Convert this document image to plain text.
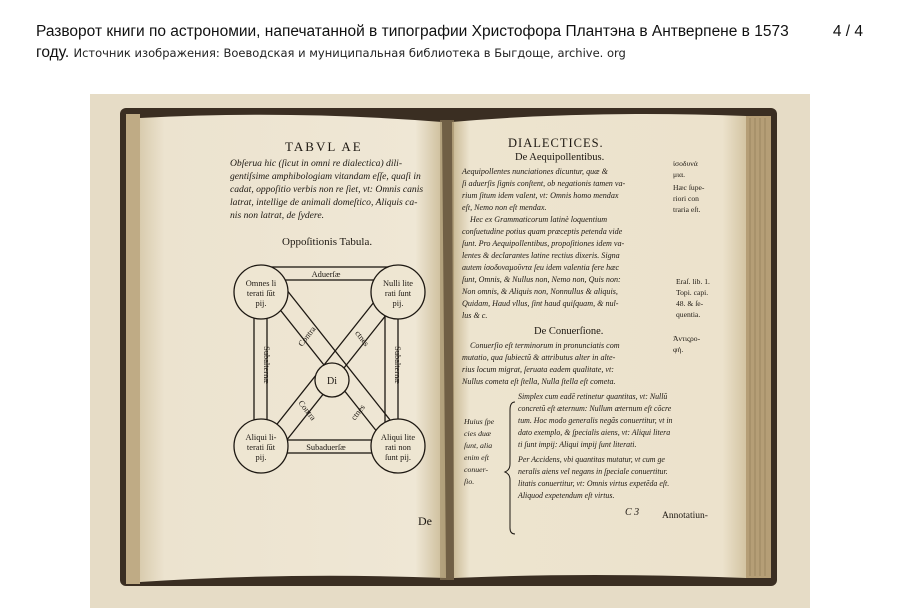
Разворот книги по астрономии, напечатанной в типографии Христофора Плантэна в Антверпене в 1573 году. Источник изображения: Воеводская и муниципальная библиотека в Быгдоще, archive. org
4 / 4
TABVL AE
Obſerua hic (ſicut in omni re dialectica) dili-
gentiſsime amphibologiam vitandam eſſe, quaſi in
cadat, oppoſitio verbis non re ſiet, vt: Omnis canis
latrat, intellige de animali domeſtico, Aliquis ca-
nis non latrat, de ſydere.
Oppoſitionis Tabula.
Omnes li
terati ſūt
pij.
Nulli lite
rati ſunt
pij.
Aliqui li-
terati ſūt
pij.
Aliqui lite
rati non
ſunt pij.
Di
Aduerſæ
Subaduerſæ
Subalternæ	Subalternæ
Contra	ctnes
Contra	ctnes
De
DIALECTICES.
De Aequipollentibus.
Aequipollentes nunciationes dicuntur, quæ &
ſi aduerſis ſignis conſtent, ob negationis tamen va-
rium ſitum idem valent, vt: Omnis homo mendax
eſt, Nemo non eſt mendax.
Hec ex Grammaticorum latinè loquentium
conſuetudine potius quam præceptis petenda vide
ſunt. Pro Aequipollentibus, propoſitiones idem va-
lentes & declarantes latine rectius dixeris. Signa
autem ἰσοδυναμοῦντα ſeu idem valentia fere hæc
ſunt, Omnis, & Nullus non, Nemo non, Quis non:
Non omnis, & Aliquis non, Nonnullus & aliquis,
Quidam, Haud vllus, ſint haud quiſquam, & nul-
lus & c.
ἰσοδυνά
μια.
Hæc ſupe-
riori con
traria eſt.
Eraſ. lib. 1.
Topi. capi.
48. & ſe-
quentia.
Ἀντιςρο-
φή.
De Conuerſione.
Conuerſio eſt terminorum in pronunciatis com
mutatio, qua ſubiectũ & attributus alter in alte-
rius locum migrat, ſeruata eadem qualitate, vt:
Nullus cometa eſt ſtella, Nulla ſtella eſt cometa.
Huius ſpe
cies duæ
ſunt, alia
enim eſt
conuer-
ſio.
Simplex cum eadē retinetur quantitas, vt: Nullũ
concretũ eſt æternum: Nullum æternum eſt cõcre
tum. Hoc modo generalis negãs conuertitur, vt in
dato exemplo, & ſpecialis aiens, vt: Aliqui litera
ti ſunt impij: Aliqui impij ſunt literati.
Per Accidens, vbi quantitas mutatur, vt cum ge
neralis aiens vel negans in ſpeciale conuertitur.
litatis conuertitur, vt: Omnis virtus expetẽda eſt.
Aliquod expetendum eſt virtus.
C 3 Annotatiun-
